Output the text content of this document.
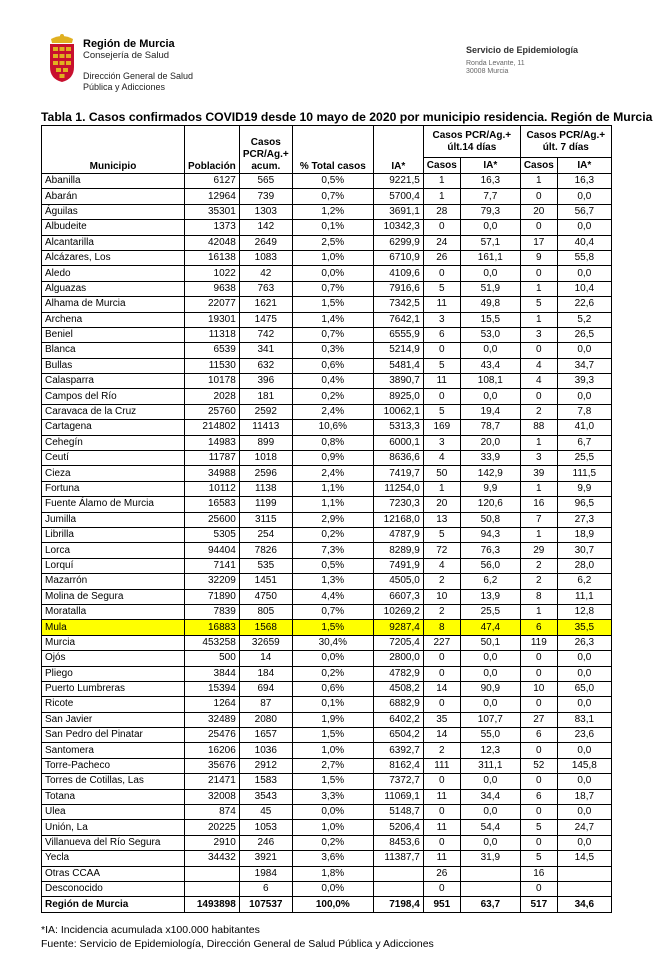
Región de Murcia
Consejería de Salud
Dirección General de Salud
Pública y Adicciones
Servicio de Epidemiología
Ronda Levante, 11
30008 Murcia
Tabla 1. Casos confirmados COVID19 desde 10 mayo de 2020 por municipio residencia. Región de Murcia
Municipio	Población	Casos PCR/Ag.+ acum.	% Total casos	IA*	Casos PCR/Ag.+ últ.14 días		Casos PCR/Ag.+ últ. 7 días	
					Casos	IA*	Casos	IA*
Abanilla	6127	565	0,5%	9221,5	1	16,3	1	16,3
Abarán	12964	739	0,7%	5700,4	1	7,7	0	0,0
Águilas	35301	1303	1,2%	3691,1	28	79,3	20	56,7
Albudeite	1373	142	0,1%	10342,3	0	0,0	0	0,0
Alcantarilla	42048	2649	2,5%	6299,9	24	57,1	17	40,4
Alcázares, Los	16138	1083	1,0%	6710,9	26	161,1	9	55,8
Aledo	1022	42	0,0%	4109,6	0	0,0	0	0,0
Alguazas	9638	763	0,7%	7916,6	5	51,9	1	10,4
Alhama de Murcia	22077	1621	1,5%	7342,5	11	49,8	5	22,6
Archena	19301	1475	1,4%	7642,1	3	15,5	1	5,2
Beniel	11318	742	0,7%	6555,9	6	53,0	3	26,5
Blanca	6539	341	0,3%	5214,9	0	0,0	0	0,0
Bullas	11530	632	0,6%	5481,4	5	43,4	4	34,7
Calasparra	10178	396	0,4%	3890,7	11	108,1	4	39,3
Campos del Río	2028	181	0,2%	8925,0	0	0,0	0	0,0
Caravaca de la Cruz	25760	2592	2,4%	10062,1	5	19,4	2	7,8
Cartagena	214802	11413	10,6%	5313,3	169	78,7	88	41,0
Cehegín	14983	899	0,8%	6000,1	3	20,0	1	6,7
Ceutí	11787	1018	0,9%	8636,6	4	33,9	3	25,5
Cieza	34988	2596	2,4%	7419,7	50	142,9	39	111,5
Fortuna	10112	1138	1,1%	11254,0	1	9,9	1	9,9
Fuente Álamo de Murcia	16583	1199	1,1%	7230,3	20	120,6	16	96,5
Jumilla	25600	3115	2,9%	12168,0	13	50,8	7	27,3
Librilla	5305	254	0,2%	4787,9	5	94,3	1	18,9
Lorca	94404	7826	7,3%	8289,9	72	76,3	29	30,7
Lorquí	7141	535	0,5%	7491,9	4	56,0	2	28,0
Mazarrón	32209	1451	1,3%	4505,0	2	6,2	2	6,2
Molina de Segura	71890	4750	4,4%	6607,3	10	13,9	8	11,1
Moratalla	7839	805	0,7%	10269,2	2	25,5	1	12,8
Mula	16883	1568	1,5%	9287,4	8	47,4	6	35,5
Murcia	453258	32659	30,4%	7205,4	227	50,1	119	26,3
Ojós	500	14	0,0%	2800,0	0	0,0	0	0,0
Pliego	3844	184	0,2%	4782,9	0	0,0	0	0,0
Puerto Lumbreras	15394	694	0,6%	4508,2	14	90,9	10	65,0
Ricote	1264	87	0,1%	6882,9	0	0,0	0	0,0
San Javier	32489	2080	1,9%	6402,2	35	107,7	27	83,1
San Pedro del Pinatar	25476	1657	1,5%	6504,2	14	55,0	6	23,6
Santomera	16206	1036	1,0%	6392,7	2	12,3	0	0,0
Torre-Pacheco	35676	2912	2,7%	8162,4	111	311,1	52	145,8
Torres de Cotillas, Las	21471	1583	1,5%	7372,7	0	0,0	0	0,0
Totana	32008	3543	3,3%	11069,1	11	34,4	6	18,7
Ulea	874	45	0,0%	5148,7	0	0,0	0	0,0
Unión, La	20225	1053	1,0%	5206,4	11	54,4	5	24,7
Villanueva del Río Segura	2910	246	0,2%	8453,6	0	0,0	0	0,0
Yecla	34432	3921	3,6%	11387,7	11	31,9	5	14,5
Otras CCAA		1984	1,8%		26		16	
Desconocido		6	0,0%		0		0	
Región de Murcia	1493898	107537	100,0%	7198,4	951	63,7	517	34,6
*IA: Incidencia acumulada x100.000 habitantes
Fuente: Servicio de Epidemiología, Dirección General de Salud Pública y Adicciones
